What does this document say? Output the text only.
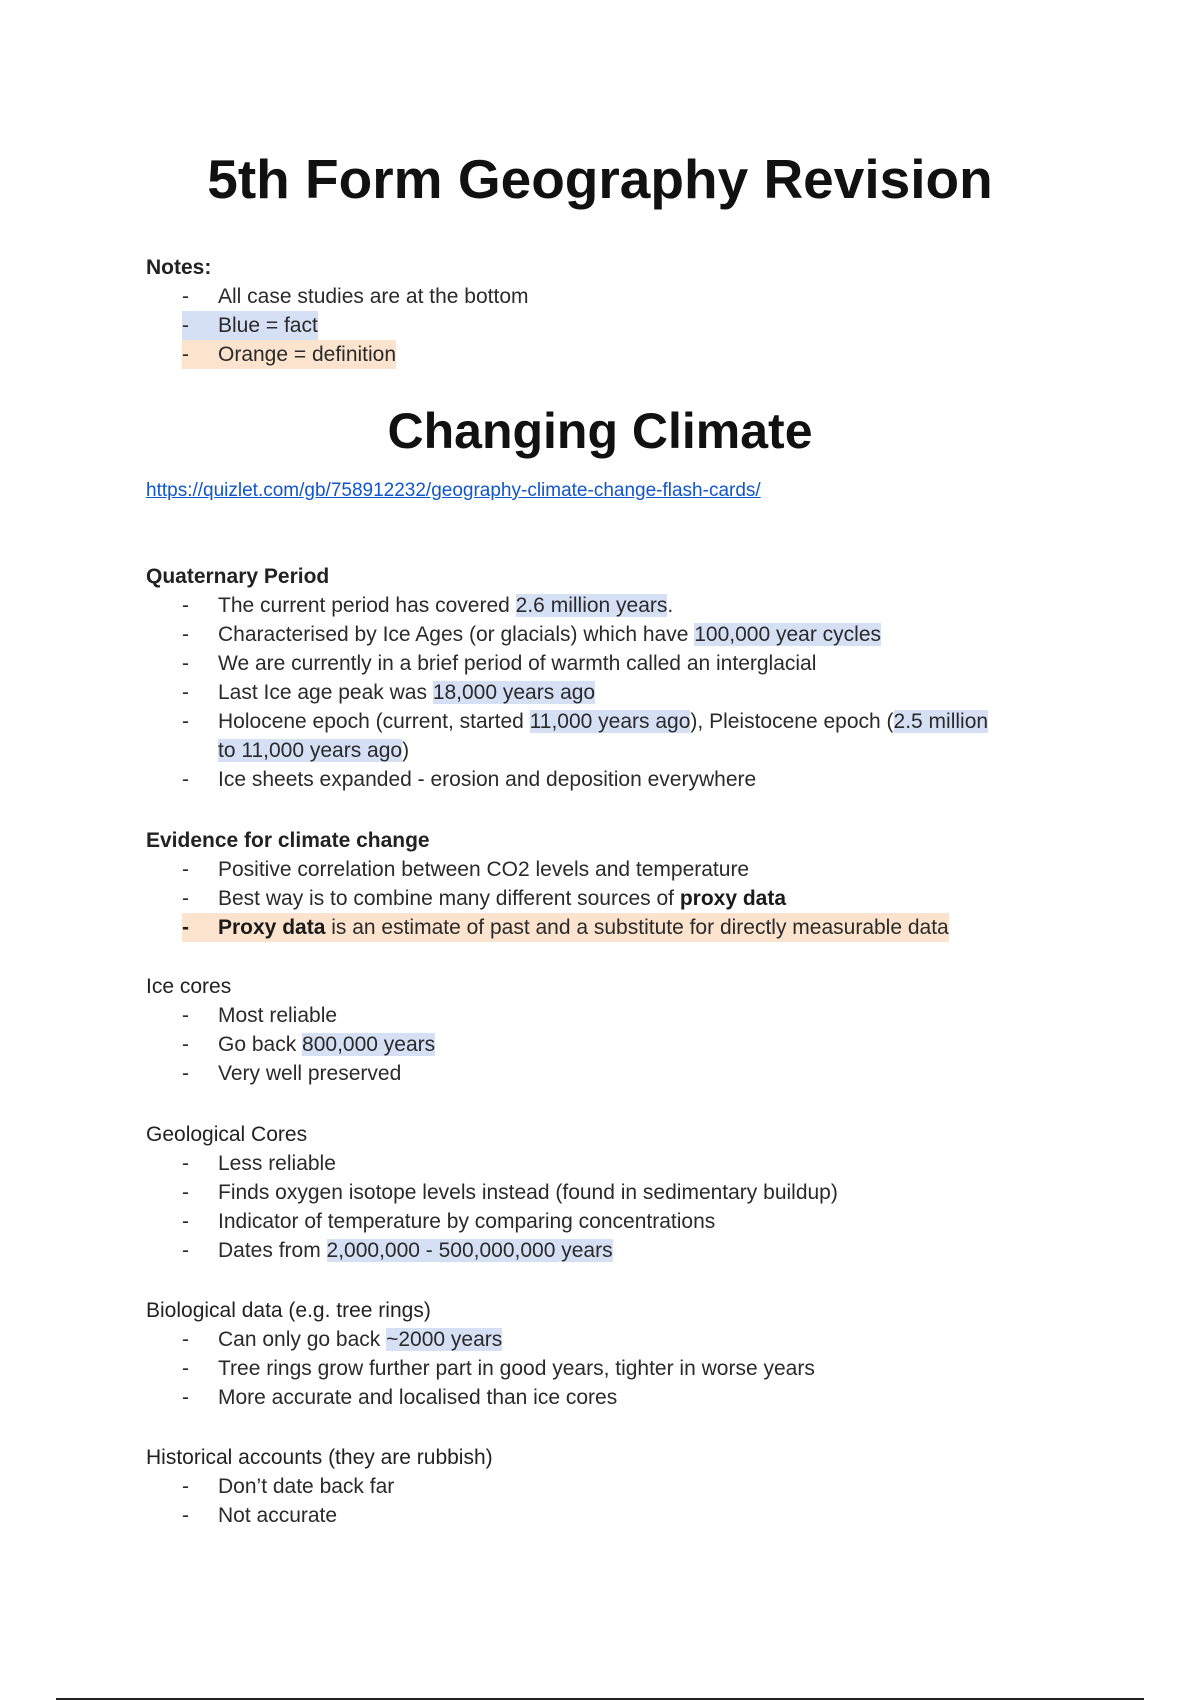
5th Form Geography Revision
Notes:
-	All case studies are at the bottom
-	Blue = fact
-	Orange = definition
Changing Climate
https://quizlet.com/gb/758912232/geography-climate-change-flash-cards/
Quaternary Period
-	The current period has covered 2.6 million years.
-	Characterised by Ice Ages (or glacials) which have 100,000 year cycles
-	We are currently in a brief period of warmth called an interglacial
-	Last Ice age peak was 18,000 years ago
-	Holocene epoch (current, started 11,000 years ago), Pleistocene epoch (2.5 million
to 11,000 years ago)
-	Ice sheets expanded - erosion and deposition everywhere
Evidence for climate change
-	Positive correlation between CO2 levels and temperature
-	Best way is to combine many different sources of proxy data
-	Proxy data is an estimate of past and a substitute for directly measurable data
Ice cores
-	Most reliable
-	Go back 800,000 years
-	Very well preserved
Geological Cores
-	Less reliable
-	Finds oxygen isotope levels instead (found in sedimentary buildup)
-	Indicator of temperature by comparing concentrations
-	Dates from 2,000,000 - 500,000,000 years
Biological data (e.g. tree rings)
-	Can only go back ~2000 years
-	Tree rings grow further part in good years, tighter in worse years
-	More accurate and localised than ice cores
Historical accounts (they are rubbish)
-	Don’t date back far
-	Not accurate
